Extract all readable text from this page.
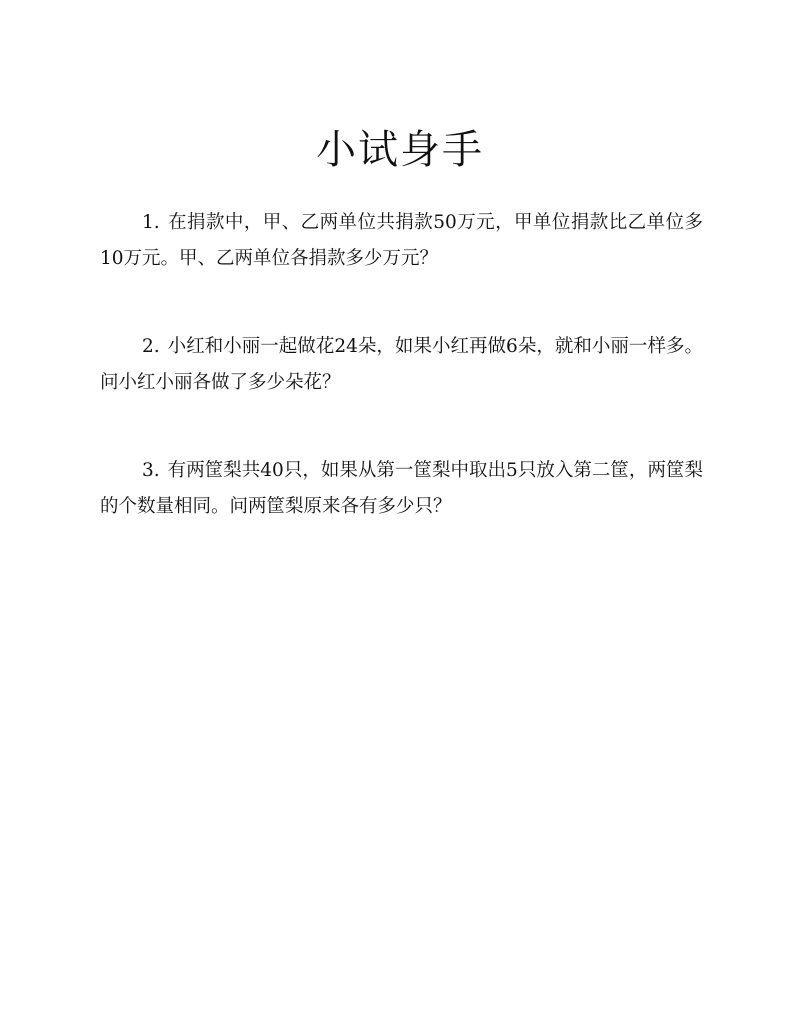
小试身手
1. 在捐款中，甲、乙两单位共捐款50万元，甲单位捐款比乙单位多10万元。甲、乙两单位各捐款多少万元？
2. 小红和小丽一起做花24朵，如果小红再做6朵，就和小丽一样多。问小红小丽各做了多少朵花？
3. 有两筐梨共40只，如果从第一筐梨中取出5只放入第二筐，两筐梨的个数量相同。问两筐梨原来各有多少只？
